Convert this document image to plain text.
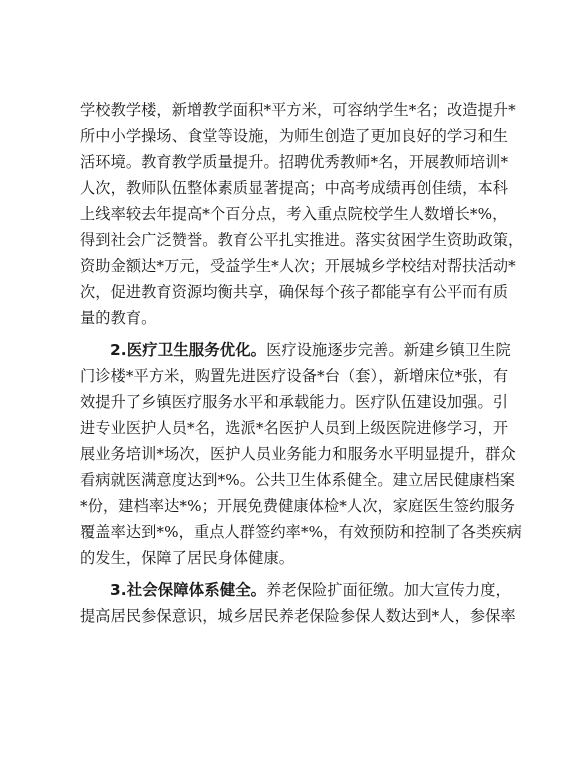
学校教学楼，新增教学面积*平方米，可容纳学生*名；改造提升*
所中小学操场、食堂等设施，为师生创造了更加良好的学习和生
活环境。教育教学质量提升。招聘优秀教师*名，开展教师培训*
人次，教师队伍整体素质显著提高；中高考成绩再创佳绩，本科
上线率较去年提高*个百分点，考入重点院校学生人数增长*%，
得到社会广泛赞誉。教育公平扎实推进。落实贫困学生资助政策，
资助金额达*万元，受益学生*人次；开展城乡学校结对帮扶活动*
次，促进教育资源均衡共享，确保每个孩子都能享有公平而有质
量的教育。
2.医疗卫生服务优化。医疗设施逐步完善。新建乡镇卫生院
门诊楼*平方米，购置先进医疗设备*台（套），新增床位*张，有
效提升了乡镇医疗服务水平和承载能力。医疗队伍建设加强。引
进专业医护人员*名，选派*名医护人员到上级医院进修学习，开
展业务培训*场次，医护人员业务能力和服务水平明显提升，群众
看病就医满意度达到*%。公共卫生体系健全。建立居民健康档案
*份，建档率达*%；开展免费健康体检*人次，家庭医生签约服务
覆盖率达到*%，重点人群签约率*%，有效预防和控制了各类疾病
的发生，保障了居民身体健康。
3.社会保障体系健全。养老保险扩面征缴。加大宣传力度，
提高居民参保意识，城乡居民养老保险参保人数达到*人，参保率
